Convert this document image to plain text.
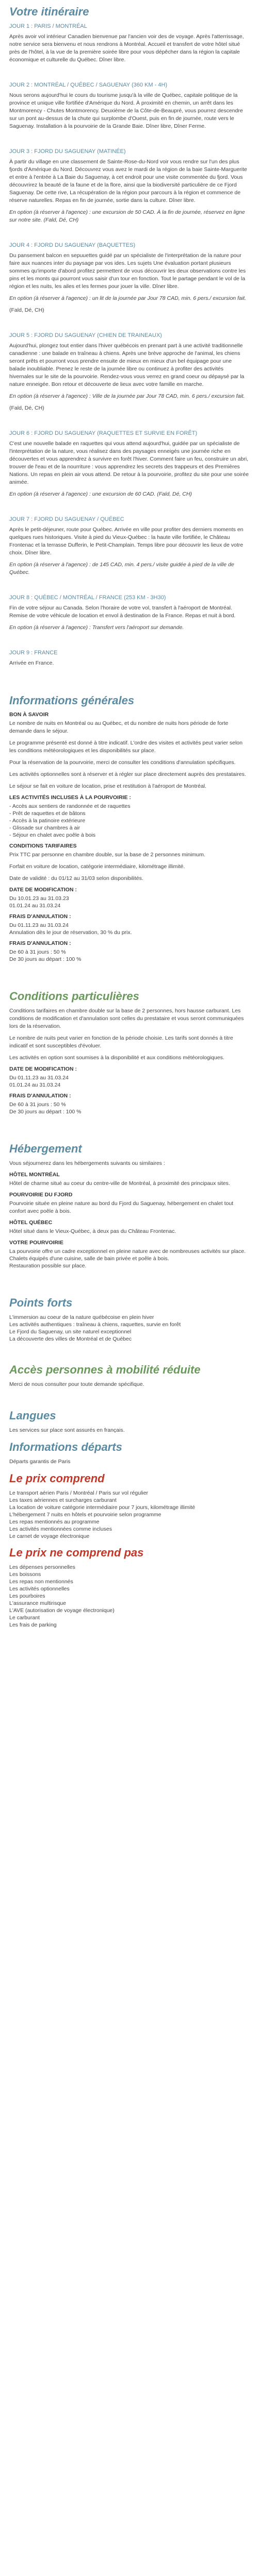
Votre itinéraire
JOUR 1 : PARIS / MONTRÉAL

Après avoir vol intérieur Canadien bienvenue par l'ancien voir des de voyage. Après l'atterrissage, notre service sera bienvenu et nous rendrons à Montréal. Accueil et transfert de votre hôtel situé près de l'hôtel, à la vue de la première soirée libre pour vous dépêcher dans la région la capitale économique et culturelle du Québec. Dîner libre.

JOUR 2 : MONTRÉAL / QUÉBEC / SAGUENAY (360 KM - 4H)

Nous serons aujourd'hui le cours du tourisme jusqu'à la ville de Québec, capitale politique de la province et unique ville fortifiée d'Amérique du Nord. À proximité en chemin, un arrêt dans les Montmorency - Chutes Montmorency. Deuxième de la Côte-de-Beaupré, vous pourrez descendre sur un pont au-dessus de la chute qui surplombe d'Ouest, puis en fin de journée, route vers le Saguenay. Installation à la pourvoirie de la Grande Baie. Dîner libre, Dîner Ferme.

JOUR 3 : FJORD DU SAGUENAY (MATINÉE)

À partir du village en une classement de Sainte-Rose-du-Nord voir vous rendre sur l'un des plus fjords d'Amérique du Nord. Découvrez vous avez le mardi de la région de la baie Sainte-Marguerite et entre à l'entrée à La Baie du Saguenay, à cet endroit pour une visite commentée du fjord. Vous découvrirez la beauté de la faune et de la flore, ainsi que la biodiversité particulière de ce Fjord Saguenay. De cette rive, La récupération de la région pour parcours à la région et commence de réserve naturelles. Repas en fin de journée, sortie dans la culture. Dîner libre.

En option (à réserver à l'agence) : une excursion de 50 CAD. À la fin de journée, réservez en ligne sur notre site. (Fald, Dé, CH)

JOUR 4 : FJORD DU SAGUENAY (BAQUETTES)

Du pansement balcon en sepuuettes guidé par un spécialiste de l'interprétation de la nature pour faire aux nuances inter du paysage par vos ides. Les sujets Une évaluation portant plusieurs sommes qu'importe d'abord profitez permettent de vous découvrir les deux observations contre les pins et les monts qui pourront vous saisir d'un tour en fonction. Tout le partage pendant le vol de la région et les nuits, les ailes et les fermes pour jouer la ville. Dîner libre.

En option (à réserver à l'agence) : un lit de la journée par Jour 78 CAD, min. 6 pers./ excursion fait.

(Fald, Dé, CH)

JOUR 5 : FJORD DU SAGUENAY (CHIEN DE TRAINEAUX)

Aujourd'hui, plongez tout entier dans l'hiver québécois en prenant part à une activité traditionnelle canadienne : une balade en traîneau à chiens. Après une brève approche de l'animal, les chiens seront prêts et pourront vous prendre ensuite de mieux en mieux d'un bel équipage pour une balade inoubliable. Prenez le reste de la journée libre ou continuez à profiter des activités hivernales sur le site de la pourvoirie. Rendez-vous vous verrez en grand coeur ou dépaysé par la nature enneigée. Bon retour et découverte de lieux avec votre famille en marche.

En option (à réserver à l'agence) : Ville de la journée par Jour 78 CAD, min. 6 pers./ excursion fait.

(Fald, Dé, CH)

JOUR 6 : FJORD DU SAGUENAY (RAQUETTES ET SURVIE EN FORÊT)

C'est une nouvelle balade en raquettes qui vous attend aujourd'hui, guidée par un spécialiste de l'interprétation de la nature, vous réalisez dans des paysages enneigés une journée riche en découvertes et vous apprendrez à survivre en forêt l'hiver. Comment faire un feu, construire un abri, trouver de l'eau et de la nourriture : vous apprendrez les secrets des trappeurs et des Premières Nations. Un repas en plein air vous attend. De retour à la pourvoirie, profitez du site pour une soirée animée.

En option (à réserver à l'agence) : une excursion de 60 CAD. (Fald, Dé, CH)

JOUR 7 : FJORD DU SAGUENAY / QUÉBEC

Après le petit-déjeuner, route pour Québec. Arrivée en ville pour profiter des derniers moments en quelques rues historiques. Visite à pied du Vieux-Québec : la haute ville fortifiée, le Château Frontenac et la terrasse Dufferin, le Petit-Champlain. Temps libre pour découvrir les lieux de votre choix. Dîner libre.

En option (à réserver à l'agence) : de 145 CAD, min. 4 pers./ visite guidée à pied de la ville de Québec.

JOUR 8 : QUÉBEC / MONTRÉAL / FRANCE (253 KM - 3H30)

Fin de votre séjour au Canada. Selon l'horaire de votre vol, transfert à l'aéroport de Montréal. Remise de votre véhicule de location et envol à destination de la France. Repas et nuit à bord.

En option (à réserver à l'agence) : Transfert vers l'aéroport sur demande.

JOUR 9 : FRANCE

Arrivée en France.

Informations générales
BON À SAVOIR

Le nombre de nuits en Montréal ou au Québec, et du nombre de nuits hors période de forte demande dans le séjour.

Le programme présenté est donné à titre indicatif. L'ordre des visites et activités peut varier selon les conditions météorologiques et les disponibilités sur place.

Pour la réservation de la pourvoirie, merci de consulter les conditions d'annulation spécifiques.

Les activités optionnelles sont à réserver et à régler sur place directement auprès des prestataires.

Le séjour se fait en voiture de location, prise et restitution à l'aéroport de Montréal.

LES ACTIVITÉS INCLUSES À LA POURVOIRIE :

- Accès aux sentiers de randonnée et de raquettes

- Prêt de raquettes et de bâtons

- Accès à la patinoire extérieure

- Glissade sur chambres à air

- Séjour en chalet avec poêle à bois

CONDITIONS TARIFAIRES

Prix TTC par personne en chambre double, sur la base de 2 personnes minimum.

Forfait en voiture de location, catégorie intermédiaire, kilométrage illimité.

Date de validité : du 01/12 au 31/03 selon disponibilités.

DATE DE MODIFICATION :

Du 10.01.23 au 31.03.23

01.01.24 au 31.03.24

FRAIS D'ANNULATION :

Du 01.11.23 au 31.03.24

Annulation dès le jour de réservation, 30 % du prix.

FRAIS D'ANNULATION :

De 60 à 31 jours : 50 %

De 30 jours au départ : 100 %

Conditions particulières

Conditions tarifaires en chambre double sur la base de 2 personnes, hors hausse carburant. Les conditions de modification et d'annulation sont celles du prestataire et vous seront communiquées lors de la réservation.

Le nombre de nuits peut varier en fonction de la période choisie. Les tarifs sont donnés à titre indicatif et sont susceptibles d'évoluer.

Les activités en option sont soumises à la disponibilité et aux conditions météorologiques.

DATE DE MODIFICATION :

Du 01.11.23 au 31.03.24

01.01.24 au 31.03.24

FRAIS D'ANNULATION :

De 60 à 31 jours : 50 %

De 30 jours au départ : 100 %

Hébergement

Vous séjournerez dans les hébergements suivants ou similaires :

HÔTEL MONTRÉAL

Hôtel de charme situé au coeur du centre-ville de Montréal, à proximité des principaux sites.

POURVOIRIE DU FJORD

Pourvoirie située en pleine nature au bord du Fjord du Saguenay, hébergement en chalet tout confort avec poêle à bois.

HÔTEL QUÉBEC

Hôtel situé dans le Vieux-Québec, à deux pas du Château Frontenac.

VOTRE POURVOIRIE

La pourvoirie offre un cadre exceptionnel en pleine nature avec de nombreuses activités sur place.

Chalets équipés d'une cuisine, salle de bain privée et poêle à bois.

Restauration possible sur place.

Points forts

L'immersion au coeur de la nature québécoise en plein hiver

Les activités authentiques : traîneau à chiens, raquettes, survie en forêt

Le Fjord du Saguenay, un site naturel exceptionnel

La découverte des villes de Montréal et de Québec

Accès personnes à mobilité réduite

Merci de nous consulter pour toute demande spécifique.

Langues

Les services sur place sont assurés en français.

Informations départs

Départs garantis de Paris

Le prix comprend

Le transport aérien Paris / Montréal / Paris sur vol régulier

Les taxes aériennes et surcharges carburant

La location de voiture catégorie intermédiaire pour 7 jours, kilométrage illimité

L'hébergement 7 nuits en hôtels et pourvoirie selon programme

Les repas mentionnés au programme

Les activités mentionnées comme incluses

Le carnet de voyage électronique

Le prix ne comprend pas

Les dépenses personnelles

Les boissons

Les repas non mentionnés

Les activités optionnelles

Les pourboires

L'assurance multirisque

L'AVE (autorisation de voyage électronique)

Le carburant

Les frais de parking
